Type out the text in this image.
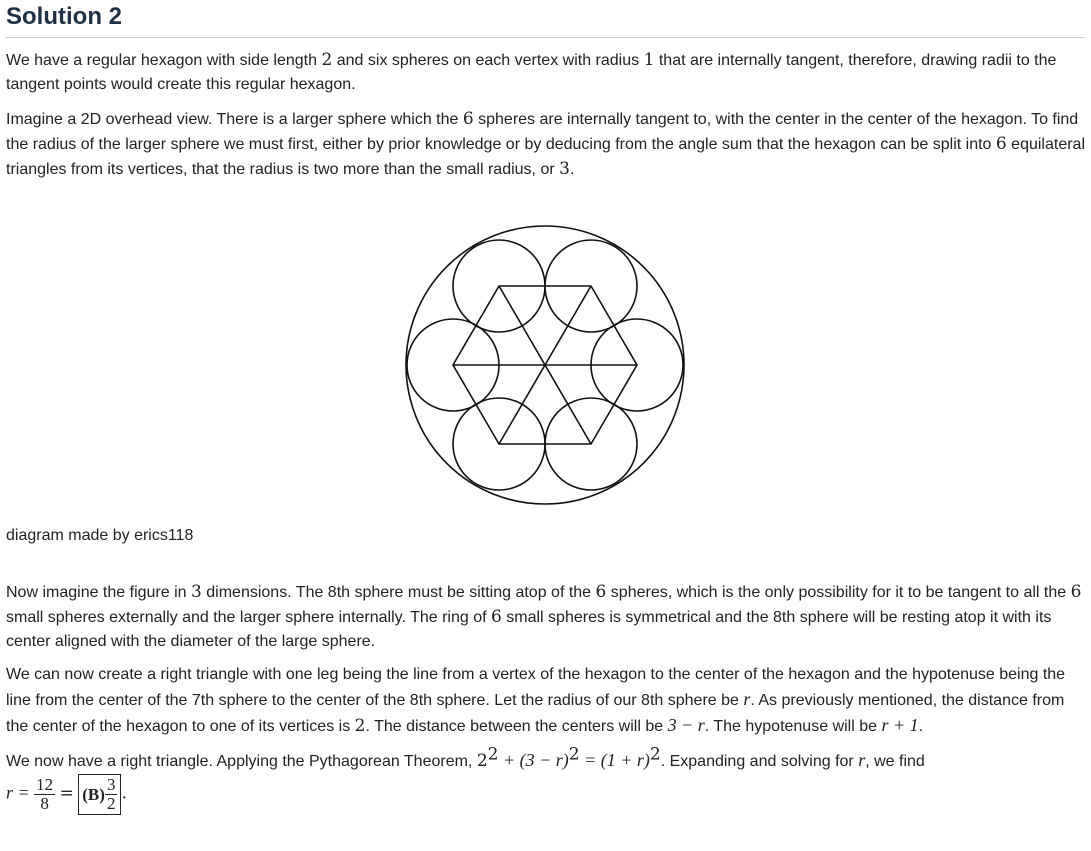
Solution 2

We have a regular hexagon with side length 2 and six spheres on each vertex with radius 1 that are internally tangent, therefore, drawing radii to the tangent points would create this regular hexagon.

Imagine a 2D overhead view. There is a larger sphere which the 6 spheres are internally tangent to, with the center in the center of the hexagon. To find the radius of the larger sphere we must first, either by prior knowledge or by deducing from the angle sum that the hexagon can be split into 6 equilateral triangles from its vertices, that the radius is two more than the small radius, or 3.

diagram made by erics118

Now imagine the figure in 3 dimensions. The 8th sphere must be sitting atop of the 6 spheres, which is the only possibility for it to be tangent to all the 6 small spheres externally and the larger sphere internally. The ring of 6 small spheres is symmetrical and the 8th sphere will be resting atop it with its center aligned with the diameter of the large sphere.

We can now create a right triangle with one leg being the line from a vertex of the hexagon to the center of the hexagon and the hypotenuse being the line from the center of the 7th sphere to the center of the 8th sphere. Let the radius of our 8th sphere be r. As previously mentioned, the distance from the center of the hexagon to one of its vertices is 2. The distance between the centers will be 3 − r. The hypotenuse will be r + 1.

We now have a right triangle. Applying the Pythagorean Theorem, $2^2 + (3 - r)^2 = (1 + r)^2$. Expanding and solving for r, we find

$r = \frac{12}{8} = (B) \frac{3}{2}$ .
